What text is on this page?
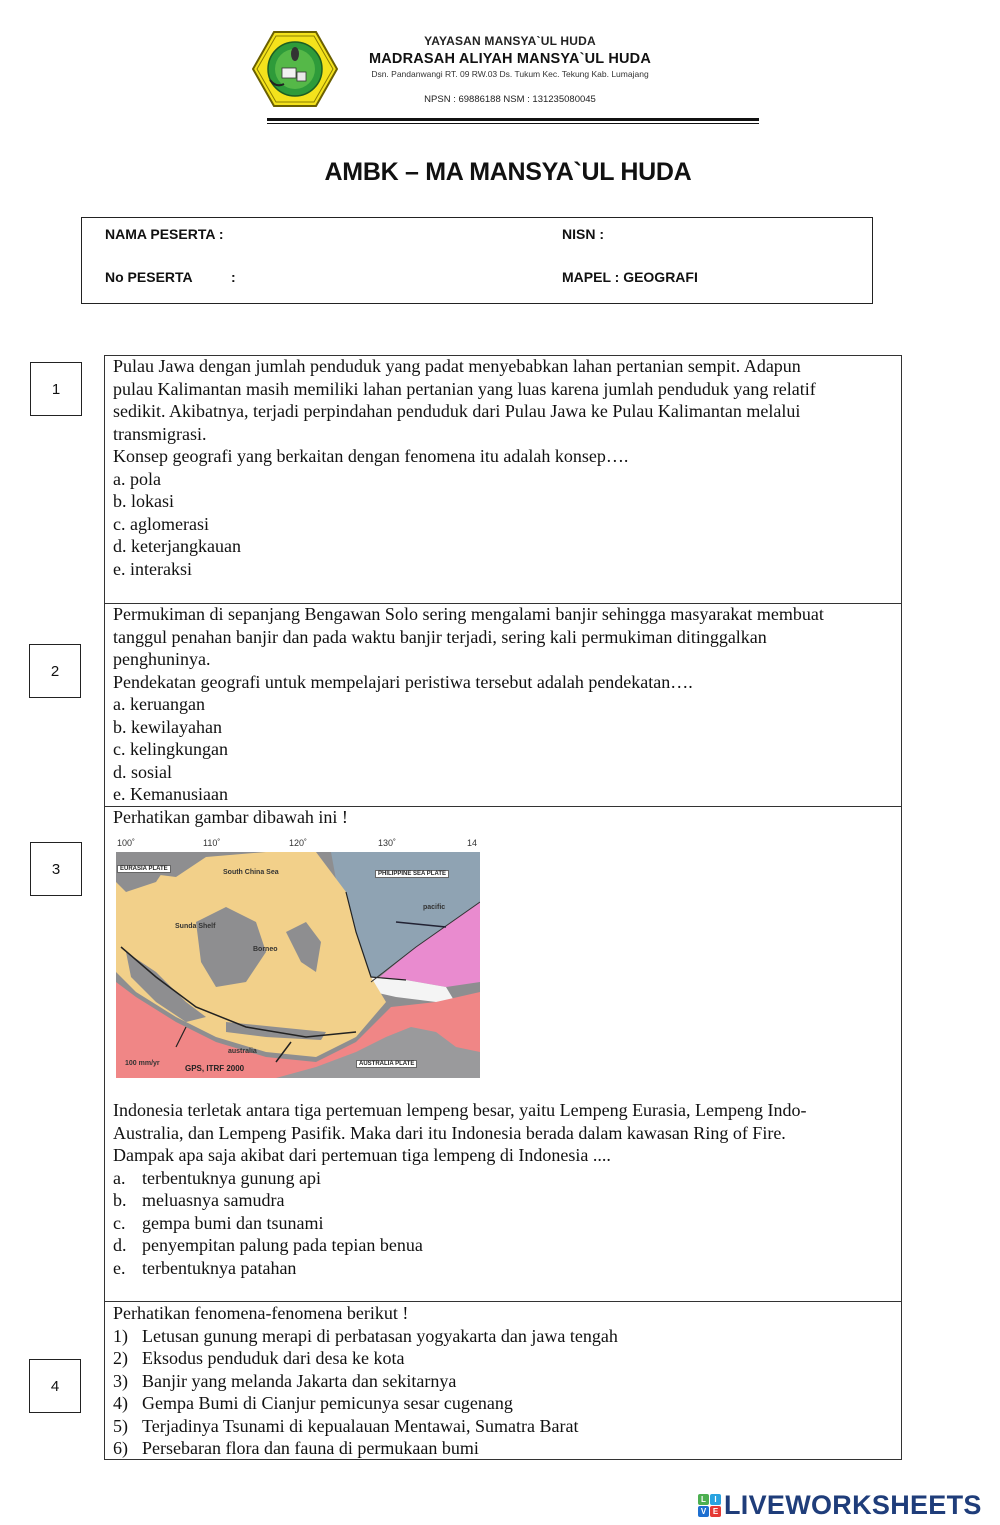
YAYASAN MANSYA`UL HUDA
MADRASAH ALIYAH MANSYA`UL HUDA
Dsn. Pandanwangi RT. 09 RW.03 Ds. Tukum Kec. Tekung Kab. Lumajang
NPSN : 69886188 NSM : 131235080045
AMBK – MA MANSYA`UL HUDA
NAMA PESERTA :	NISN :
No PESERTA	:	MAPEL : GEOGRAFI
1
2
3
4

Pulau Jawa dengan jumlah penduduk yang padat menyebabkan lahan pertanian sempit. Adapun

pulau Kalimantan masih memiliki lahan pertanian yang luas karena jumlah penduduk yang relatif

sedikit. Akibatnya, terjadi perpindahan penduduk dari Pulau Jawa ke Pulau Kalimantan melalui

transmigrasi.

Konsep geografi yang berkaitan dengan fenomena itu adalah konsep….

a. pola

b. lokasi

c. aglomerasi

d. keterjangkauan

e. interaksi

Permukiman di sepanjang Bengawan Solo sering mengalami banjir sehingga masyarakat membuat

tanggul penahan banjir dan pada waktu banjir terjadi, sering kali permukiman ditinggalkan

penghuninya.

Pendekatan geografi untuk mempelajari peristiwa tersebut adalah pendekatan….

a. keruangan

b. kewilayahan

c. kelingkungan

d. sosial

e. Kemanusiaan

Perhatikan gambar dibawah ini !
100˚	110˚	120˚	130˚	14
EURASIA PLATE
PHILIPPINE SEA PLATE
AUSTRALIA PLATE
Sunda Shelf
South China Sea
Borneo
pacific
australia
100 mm/yr
GPS, ITRF 2000

Indonesia terletak antara tiga pertemuan lempeng besar, yaitu Lempeng Eurasia, Lempeng Indo-

Australia, dan Lempeng Pasifik. Maka dari itu Indonesia berada dalam kawasan Ring of Fire.

Dampak apa saja akibat dari pertemuan tiga lempeng di Indonesia ....

a. terbentuknya gunung api
b. meluasnya samudra
c. gempa bumi dan tsunami
d. penyempitan palung pada tepian benua
e. terbentuknya patahan

Perhatikan fenomena-fenomena berikut !

1) Letusan gunung merapi di perbatasan yogyakarta dan jawa tengah
2) Eksodus penduduk dari desa ke kota
3) Banjir yang melanda Jakarta dan sekitarnya
4) Gempa Bumi di Cianjur pemicunya sesar cugenang
5) Terjadinya Tsunami di kepualauan Mentawai, Sumatra Barat
6) Persebaran flora dan fauna di permukaan bumi
L	I
V E LIVEWORKSHEETS
